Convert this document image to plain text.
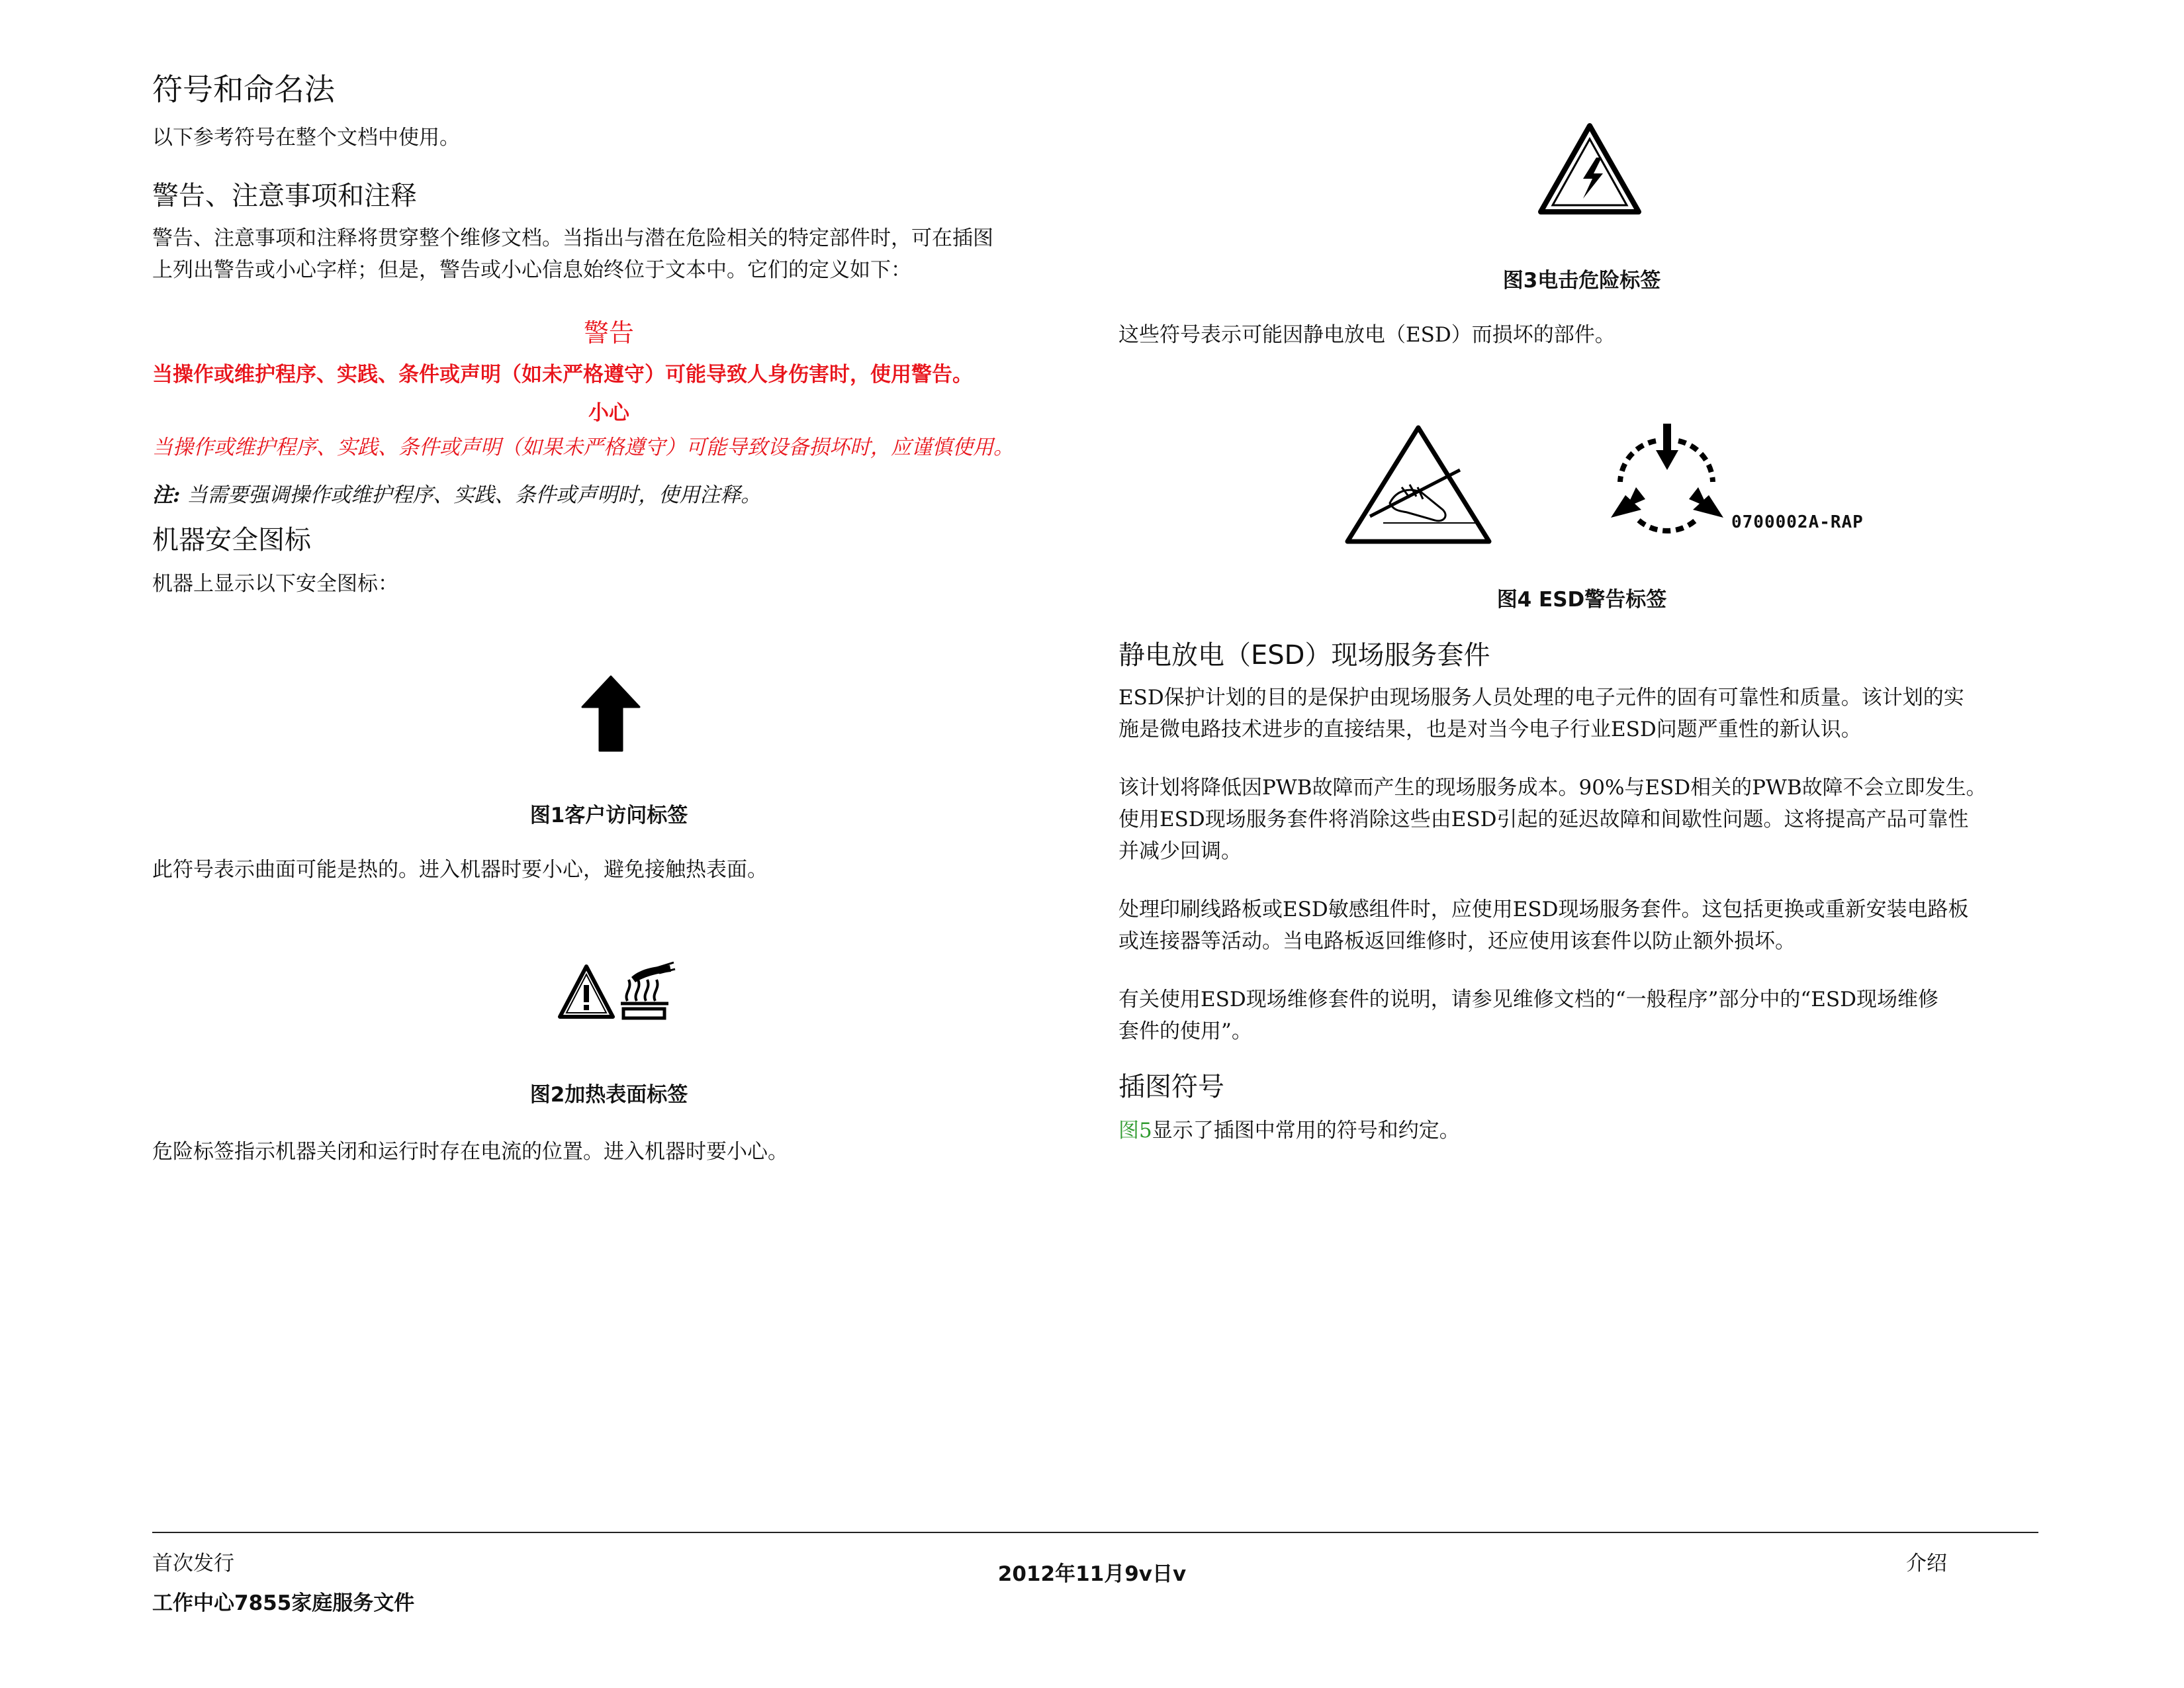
符号和命名法

以下参考符号在整个文档中使用。

警告、注意事项和注释

警告、注意事项和注释将贯穿整个维修文档。当指出与潜在危险相关的特定部件时，可在插图

上列出警告或小心字样；但是，警告或小心信息始终位于文本中。它们的定义如下：

警告
当操作或维护程序、实践、条件或声明（如未严格遵守）可能导致人身伤害时，使用警告。
小心
当操作或维护程序、实践、条件或声明（如果未严格遵守）可能导致设备损坏时，应谨慎使用。
注: 当需要强调操作或维护程序、实践、条件或声明时，使用注释。
机器安全图标

机器上显示以下安全图标：

图1客户访问标签

此符号表示曲面可能是热的。进入机器时要小心，避免接触热表面。

图2加热表面标签

危险标签指示机器关闭和运行时存在电流的位置。进入机器时要小心。

图3电击危险标签

这些符号表示可能因静电放电（ESD）而损坏的部件。

0700002A-RAP
图4 ESD警告标签
静电放电（ESD）现场服务套件

ESD保护计划的目的是保护由现场服务人员处理的电子元件的固有可靠性和质量。该计划的实

施是微电路技术进步的直接结果，也是对当今电子行业ESD问题严重性的新认识。

该计划将降低因PWB故障而产生的现场服务成本。90%与ESD相关的PWB故障不会立即发生。

使用ESD现场服务套件将消除这些由ESD引起的延迟故障和间歇性问题。这将提高产品可靠性

并减少回调。

处理印刷线路板或ESD敏感组件时，应使用ESD现场服务套件。这包括更换或重新安装电路板

或连接器等活动。当电路板返回维修时，还应使用该套件以防止额外损坏。

有关使用ESD现场维修套件的说明，请参见维修文档的“一般程序”部分中的“ESD现场维修

套件的使用”。

插图符号

图5显示了插图中常用的符号和约定。

首次发行
工作中心7855家庭服务文件
2012年11月9v日v	介绍
